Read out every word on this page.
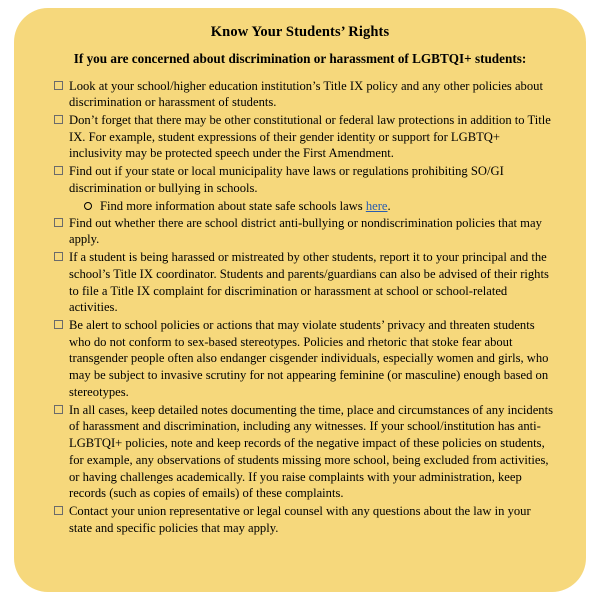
Know Your Students’ Rights
If you are concerned about discrimination or harassment of LGBTQI+ students:
Look at your school/higher education institution’s Title IX policy and any other policies about discrimination or harassment of students.
Don’t forget that there may be other constitutional or federal law protections in addition to Title IX. For example, student expressions of their gender identity or support for LGBTQ+ inclusivity may be protected speech under the First Amendment.
Find out if your state or local municipality have laws or regulations prohibiting SO/GI discrimination or bullying in schools.
Find more information about state safe schools laws here.
Find out whether there are school district anti-bullying or nondiscrimination policies that may apply.
If a student is being harassed or mistreated by other students, report it to your principal and the school’s Title IX coordinator. Students and parents/guardians can also be advised of their rights to file a Title IX complaint for discrimination or harassment at school or school-related activities.
Be alert to school policies or actions that may violate students’ privacy and threaten students who do not conform to sex-based stereotypes. Policies and rhetoric that stoke fear about transgender people often also endanger cisgender individuals, especially women and girls, who may be subject to invasive scrutiny for not appearing feminine (or masculine) enough based on stereotypes.
In all cases, keep detailed notes documenting the time, place and circumstances of any incidents of harassment and discrimination, including any witnesses. If your school/institution has anti-LGBTQI+ policies, note and keep records of the negative impact of these policies on students, for example, any observations of students missing more school, being excluded from activities, or having challenges academically. If you raise complaints with your administration, keep records (such as copies of emails) of these complaints.
Contact your union representative or legal counsel with any questions about the law in your state and specific policies that may apply.
